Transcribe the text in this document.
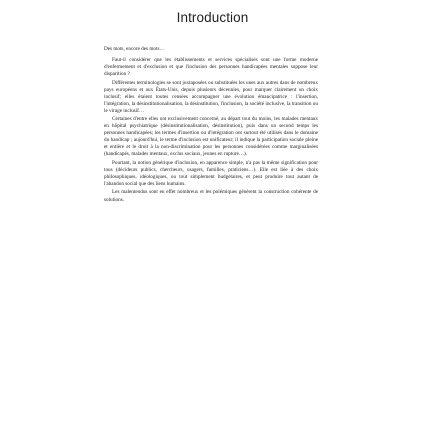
Introduction

Des mots, encore des mots…

Faut-il considérer que les établissements et services spécialisés sont une forme moderne d'enfermement et d'exclusion et que l'inclusion des personnes handicapées mentales suppose leur disparition ?

Différentes terminologies se sont juxtaposées ou substituées les unes aux autres dans de nombreux pays européens et aux États-Unis, depuis plusieurs décennies, pour marquer clairement un choix inclusif; elles étaient toutes censées accompagner une évolution émancipatrice : l'insertion, l'intégration, la désinstitutionalisation, la désinstitution, l'inclusion, la société inclusive, la transition ou le virage inclusif…

Certaines d'entre elles ont exclusivement concerné, au départ tout du moins, les malades mentaux en hôpital psychiatrique (désinstitutionalisation, désinstitution), puis dans un second temps les personnes handicapées; les termes d'insertion ou d'intégration ont surtout été utilisés dans le domaine du handicap ; aujourd'hui, le terme d'inclusion est unificateur; il indique la participation sociale pleine et entière et le droit à la non-discrimination pour les personnes considérées comme marginalisées (handicapés, malades mentaux, exclus sociaux, jeunes en rupture…).

Pourtant, la notion générique d'inclusion, en apparence simple, n'a pas la même signification pour tous (décideurs publics, chercheurs, usagers, familles, praticiens…). Elle est liée à des choix philosophiques, idéologiques, ou tout simplement budgétaires, et peut produire tout autant de l'abandon social que des liens humains.

Les malentendus sont en effet nombreux et les polémiques génèrent la construction cohérente de solutions.
